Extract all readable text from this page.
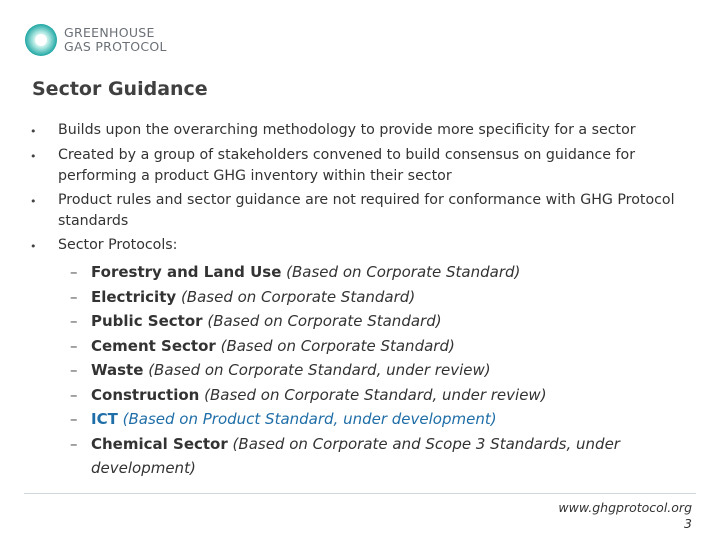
GREENHOUSE
GAS PROTOCOL
Sector Guidance
•	Builds upon the overarching methodology to provide more specificity for a sector
•	Created by a group of stakeholders convened to build consensus on guidance for performing a product GHG inventory within their sector
•	Product rules and sector guidance are not required for conformance with GHG Protocol standards
•	Sector Protocols:
– Forestry and Land Use (Based on Corporate Standard)
– Electricity (Based on Corporate Standard)
– Public Sector (Based on Corporate Standard)
– Cement Sector (Based on Corporate Standard)
– Waste (Based on Corporate Standard, under review)
– Construction (Based on Corporate Standard, under review)
– ICT (Based on Product Standard, under development)
– Chemical Sector (Based on Corporate and Scope 3 Standards, under development)
www.ghgprotocol.org
3
